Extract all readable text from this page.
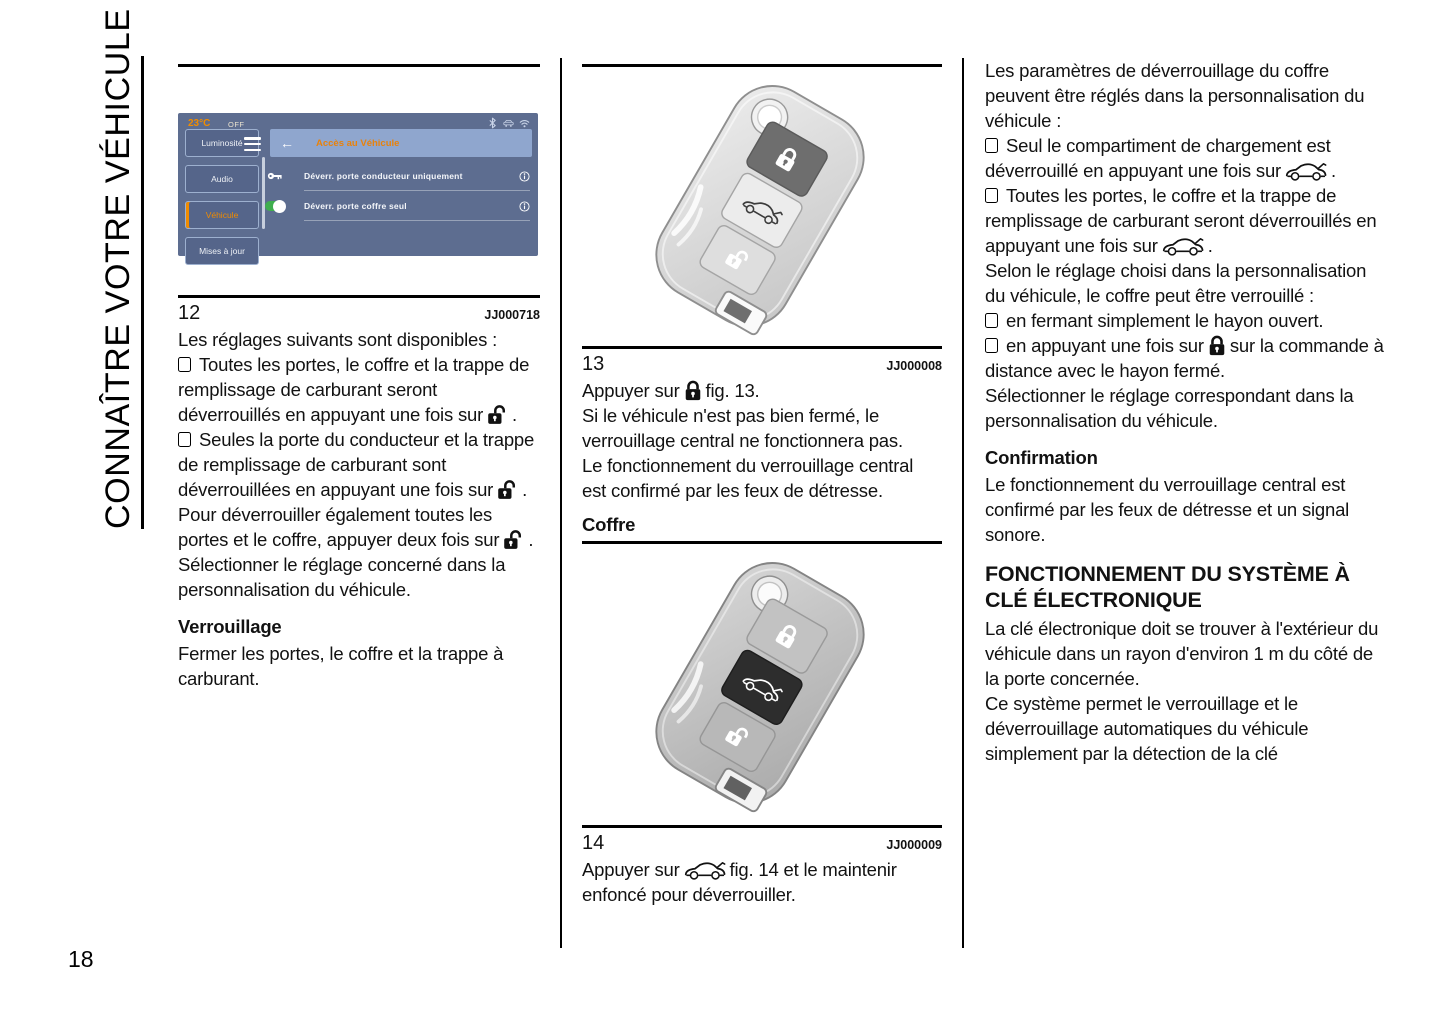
CONNAÎTRE VOTRE VÉHICULE	23°C OFF
Luminosité
Audio
Véhicule
Mises à jour
← Accès au Véhicule
Déverr. porte conducteur uniquement
Déverr. porte coffre seul
12	JJ000718

Les réglages suivants sont disponibles :

Toutes les portes, le coffre et la trappe de remplissage de carburant seront déverrouillés en appuyant une fois sur .

Seules la porte du conducteur et la trappe de remplissage de carburant sont déverrouillées en appuyant une fois sur . Pour déverrouiller également toutes les portes et le coffre, appuyer deux fois sur .

Sélectionner le réglage concerné dans la personnalisation du véhicule.

Verrouillage

Fermer les portes, le coffre et la trappe à carburant.

13	JJ000008

Appuyer sur fig. 13.

Si le véhicule n'est pas bien fermé, le verrouillage central ne fonctionnera pas.

Le fonctionnement du verrouillage central est confirmé par les feux de détresse.

Coffre
14	JJ000009

Appuyer sur	fig. 14 et le maintenir enfoncé pour déverrouiller.

Les paramètres de déverrouillage du coffre peuvent être réglés dans la personnalisation du véhicule :

Seul le compartiment de chargement est déverrouillé en appuyant une fois sur	.

Toutes les portes, le coffre et la trappe de remplissage de carburant seront déverrouillés en appuyant une fois sur	.

Selon le réglage choisi dans la personnalisation du véhicule, le coffre peut être verrouillé :

en fermant simplement le hayon ouvert.

en appuyant une fois sur sur la commande à distance avec le hayon fermé.

Sélectionner le réglage correspondant dans la personnalisation du véhicule.

Confirmation

Le fonctionnement du verrouillage central est confirmé par les feux de détresse et un signal sonore.

FONCTIONNEMENT DU SYSTÈME À CLÉ ÉLECTRONIQUE

La clé électronique doit se trouver à l'extérieur du véhicule dans un rayon d'environ 1 m du côté de la porte concernée.

Ce système permet le verrouillage et le déverrouillage automatiques du véhicule simplement par la détection de la clé

18
